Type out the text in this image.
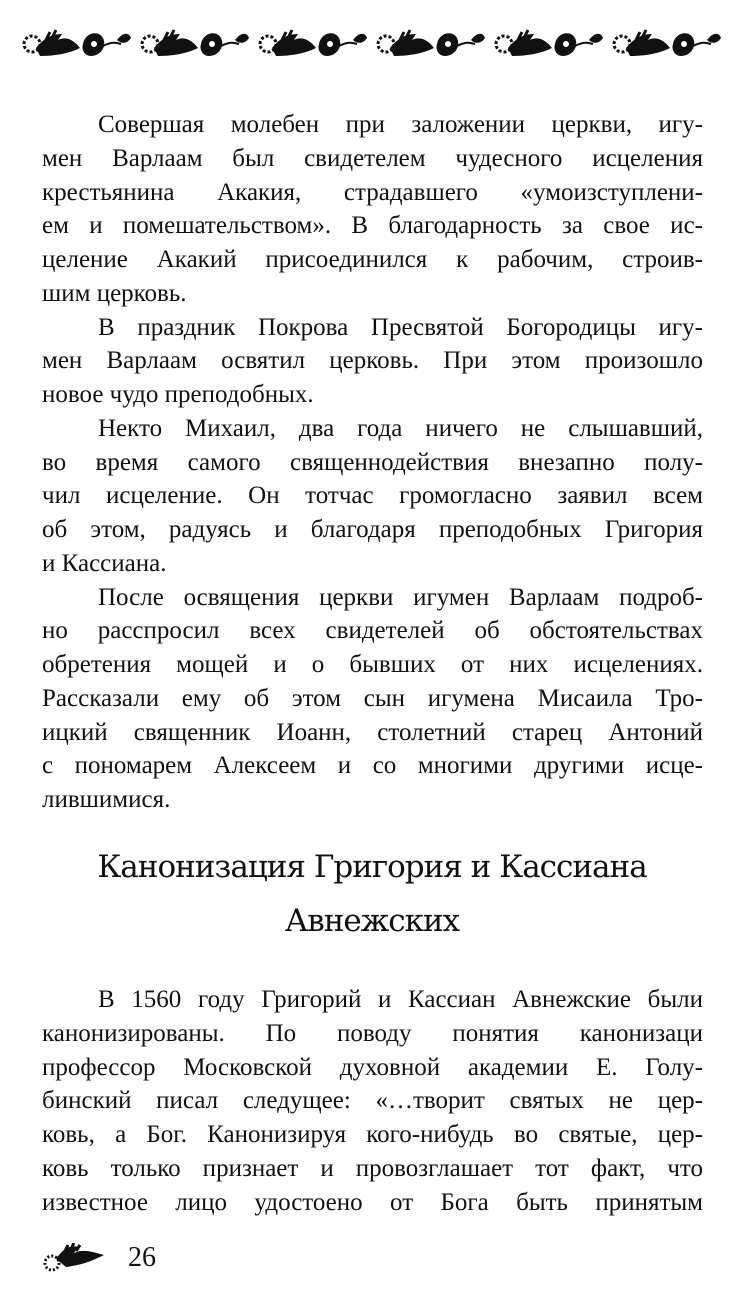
Совершая молебен при заложении церкви, игу-
мен Варлаам был свидетелем чудесного исцеления
крестьянина Акакия, страдавшего «умоизступлени-
ем и помешательством». В благодарность за свое ис-
целение Акакий присоединился к рабочим, строив-
шим церковь.
В праздник Покрова Пресвятой Богородицы игу-
мен Варлаам освятил церковь. При этом произошло
новое чудо преподобных.
Некто Михаил, два года ничего не слышавший,
во время самого священнодействия внезапно полу-
чил исцеление. Он тотчас громогласно заявил всем
об этом, радуясь и благодаря преподобных Григория
и Кассиана.
После освящения церкви игумен Варлаам подроб-
но расспросил всех свидетелей об обстоятельствах
обретения мощей и о бывших от них исцелениях.
Рассказали ему об этом сын игумена Мисаила Тро-
ицкий священник Иоанн, столетний старец Антоний
с пономарем Алексеем и со многими другими исце-
лившимися.
Канонизация Григория и Кассиана
Авнежских
В 1560 году Григорий и Кассиан Авнежские были
канонизированы. По поводу понятия канонизаци
профессор Московской духовной академии Е. Голу-
бинский писал следущее: «…творит святых не цер-
ковь, а Бог. Канонизируя кого-нибудь во святые, цер-
ковь только признает и провозглашает тот факт, что
известное лицо удостоено от Бога быть принятым
26
